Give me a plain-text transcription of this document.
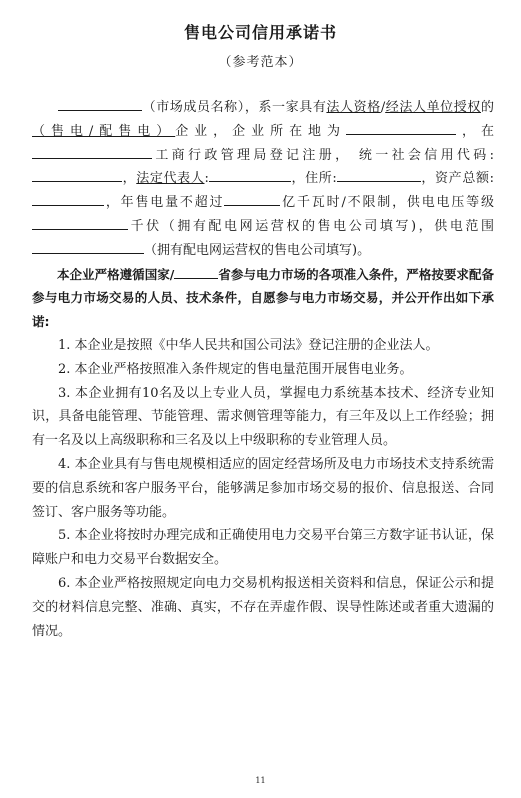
售电公司信用承诺书
（参考范本）

（市场成员名称），系一家具有法人资格/经法人单位授权的（售电/配售电）企业，企业所在地为	，在工商行政管理局登记注册， 统一社会信用代码:，法定代表人:	，住所:	，资产总额:，年售电量不超过	亿千瓦时/不限制，供电电压等级千伏（拥有配电网运营权的售电公司填写)，供电范围（拥有配电网运营权的售电公司填写)。

本企业严格遵循国家/	省参与电力市场的各项准入条件，严格按要求配备参与电力市场交易的人员、技术条件，自愿参与电力市场交易，并公开作出如下承诺:

1. 本企业是按照《中华人民共和国公司法》登记注册的企业法人。

2. 本企业严格按照准入条件规定的售电量范围开展售电业务。

3. 本企业拥有10名及以上专业人员，掌握电力系统基本技术、经济专业知识，具备电能管理、节能管理、需求侧管理等能力，有三年及以上工作经验；拥有一名及以上高级职称和三名及以上中级职称的专业管理人员。

4. 本企业具有与售电规模相适应的固定经营场所及电力市场技术支持系统需要的信息系统和客户服务平台，能够满足参加市场交易的报价、信息报送、合同签订、客户服务等功能。

5. 本企业将按时办理完成和正确使用电力交易平台第三方数字证书认证，保障账户和电力交易平台数据安全。

6. 本企业严格按照规定向电力交易机构报送相关资料和信息，保证公示和提交的材料信息完整、准确、真实，不存在弄虚作假、误导性陈述或者重大遗漏的情况。

11
